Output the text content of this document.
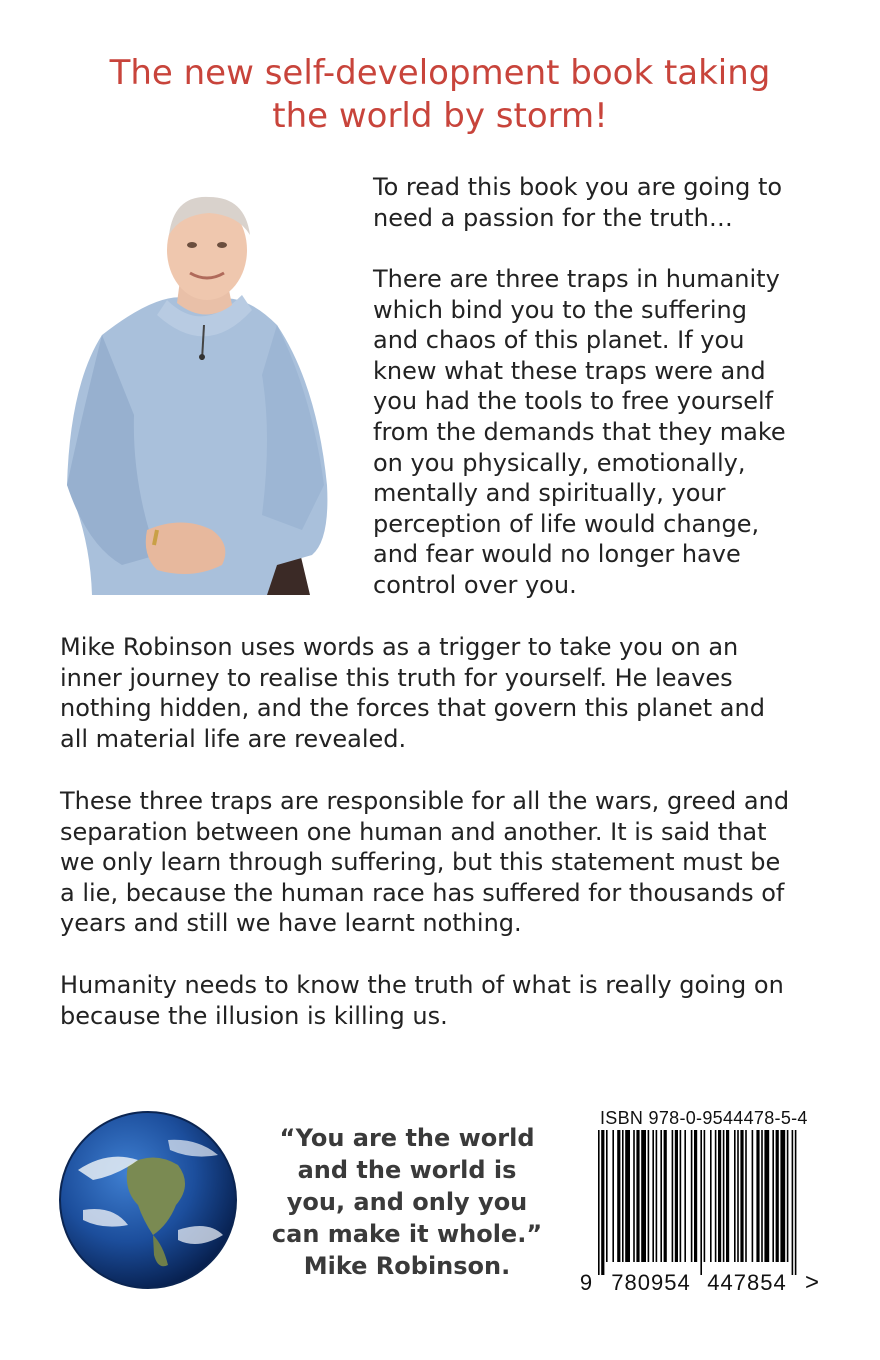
The new self-development book taking
the world by storm!
To read this book you are going to
need a passion for the truth…
There are three traps in humanity
which bind you to the suffering
and chaos of this planet. If you
knew what these traps were and
you had the tools to free yourself
from the demands that they make
on you physically, emotionally,
mentally and spiritually, your
perception of life would change,
and fear would no longer have
control over you.
Mike Robinson uses words as a trigger to take you on an
inner journey to realise this truth for yourself. He leaves
nothing hidden, and the forces that govern this planet and
all material life are revealed.
These three traps are responsible for all the wars, greed and
separation between one human and another. It is said that
we only learn through suffering, but this statement must be
a lie, because the human race has suffered for thousands of
years and still we have learnt nothing.
Humanity needs to know the truth of what is really going on
because the illusion is killing us.
“You are the world
and the world is
you, and only you
can make it whole.”
Mike Robinson.
ISBN 978-0-9544478-5-4
9 780954 447854 >
